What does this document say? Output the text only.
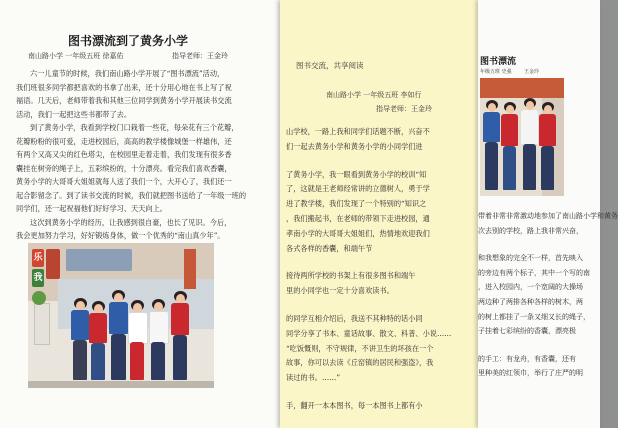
图书漂流到了黄务小学
南山路小学 一年级五班 徐嘉佑	指导老师：王金玲
六一儿童节的时候，我们南山路小学开展了“图书漂流”活动，
我们班很多同学都把喜欢的书拿了出来，还十分用心地在书上写了祝
福语。几天后，老师带着我和其他三位同学到黄务小学开展读书交流
活动，我们一起把这些书都带了去。
到了黄务小学，我看到学校门口栽着一些花，每朵花有三个花瓣，
花瓣粉粉的很可爱，走进校园后，高高的教学楼像城堡一样雄伟，还
有两个又高又尖的红色塔尖，在校园里走着走着，我们发现有很多香
囊挂在树旁的绳子上，五彩缤纷的，十分漂亮。看完我们喜欢香囊，
黄务小学的大哥哥大姐姐就每人送了我们一个，大开心了，我们还一
起合影留念了。到了读书交流的时候，我们就把图书送给了一年级一班的
同学们，还一起祝福他们好好学习、天天向上。
这次到黄务小学的经历，让我感到很自豪，也长了见识。今后，
我会更加努力学习，好好锻炼身体，做一个优秀的“南山真少年”。
乐
我
图书交流，共享阅读
南山路小学 一年级五班 李如行
指导老师：王金玲
山学校，一路上我和同学们话题不断，兴奋不
们一起去黄务小学和黄务小学的小同学们进
了黄务小学，我一眼看到黄务小学的校训“知
了，这就是王老师经常讲的立德树人，勇于学
进了教学楼，我们发现了一个特别的“知识之
，我们搬起书，在老师的带领下走进校园，通
孝南小学的大哥哥大姐姐们，热情地欢迎我们
各式各样的香囊，和端午节
接待两所学校的书架上有很多图书和端午
里的小同学也一定十分喜欢读书。
的同学互相介绍后，我送不其种特的话小同
同学分享了书本、童话故事、散文、科普、小说……
“吃饭慨则，不守规律，不讲卫生的坏孩在一个
故事，你可以去读《丘窑镇的居民和强盗》，我
读过的书。……”
手，翻开一本本图书，每一本图书上都有小
图书漂流
年级五班 史强 王金玲
带着非常非常激动地参加了南山路小学和黄务
次去别的学校，路上我非常兴奋，
和我想象的完全不一样，首先映入
的旁边有两个标子，其中一个写的南
，进入校园内，一个宽阔的大操场
两边种了两排各种各样的树木，两
的树上都挂了一条又细又长的绳子，
子挂着七彩缤纷的香囊，漂亮极
的手工：有龙舟，有香囊，还有
里种美的红领巾，举行了庄严的明
